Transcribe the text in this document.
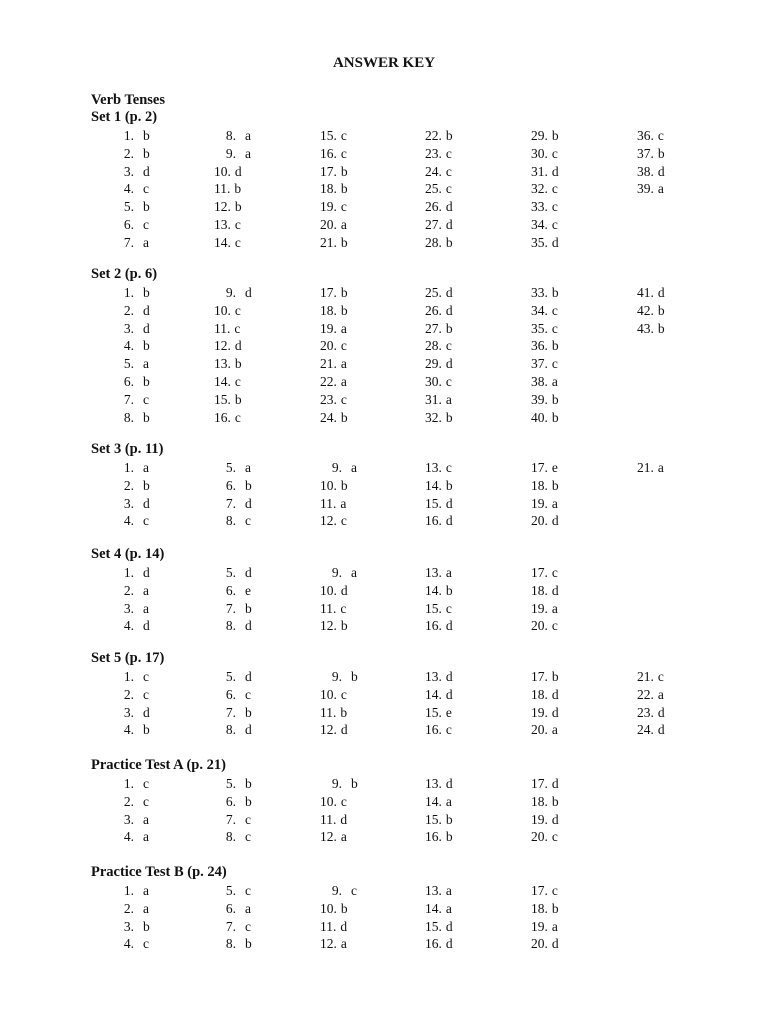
ANSWER KEY
Verb Tenses
Set 1 (p. 2)
1. b
2. b
3. d
4. c
5. b
6. c
7. a
8. a
9. a
10. d
11. b
12. b
13. c
14. c
15. c
16. c
17. b
18. b
19. c
20. a
21. b
22. b
23. c
24. c
25. c
26. d
27. d
28. b
29. b
30. c
31. d
32. c
33. c
34. c
35. d
36. c
37. b
38. d
39. a
Set 2 (p. 6)
1. b
2. d
3. d
4. b
5. a
6. b
7. c
8. b
9. d
10. c
11. c
12. d
13. b
14. c
15. b
16. c
17. b
18. b
19. a
20. c
21. a
22. a
23. c
24. b
25. d
26. d
27. b
28. c
29. d
30. c
31. a
32. b
33. b
34. c
35. c
36. b
37. c
38. a
39. b
40. b
41. d
42. b
43. b
Set 3 (p. 11)
1. a
2. b
3. d
4. c
5. a
6. b
7. d
8. c
9. a
10. b
11. a
12. c
13. c
14. b
15. d
16. d
17. e
18. b
19. a
20. d
21. a
Set 4 (p. 14)
1. d
2. a
3. a
4. d
5. d
6. e
7. b
8. d
9. a
10. d
11. c
12. b
13. a
14. b
15. c
16. d
17. c
18. d
19. a
20. c
Set 5 (p. 17)
1. c
2. c
3. d
4. b
5. d
6. c
7. b
8. d
9. b
10. c
11. b
12. d
13. d
14. d
15. e
16. c
17. b
18. d
19. d
20. a
21. c
22. a
23. d
24. d
Practice Test A (p. 21)
1. c
2. c
3. a
4. a
5. b
6. b
7. c
8. c
9. b
10. c
11. d
12. a
13. d
14. a
15. b
16. b
17. d
18. b
19. d
20. c
Practice Test B (p. 24)
1. a
2. a
3. b
4. c
5. c
6. a
7. c
8. b
9. c
10. b
11. d
12. a
13. a
14. a
15. d
16. d
17. c
18. b
19. a
20. d
